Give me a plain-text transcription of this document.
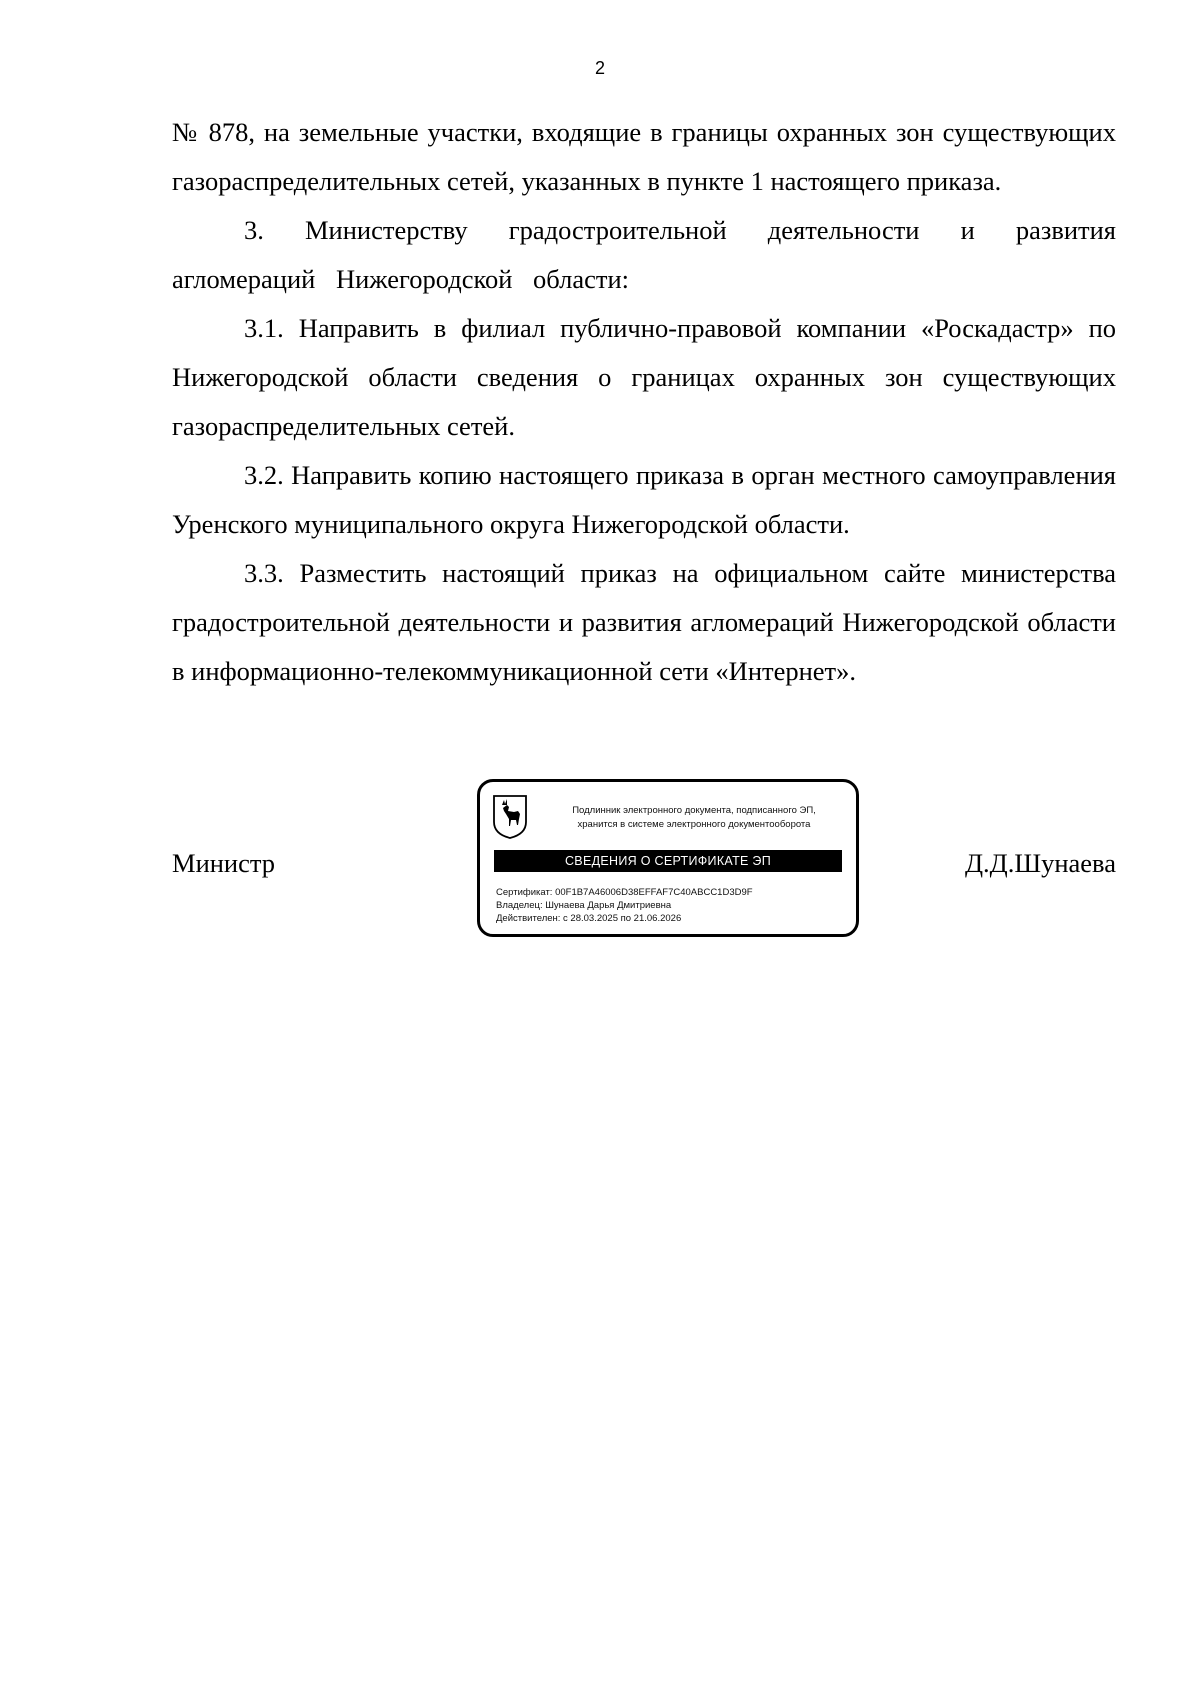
2

№ 878, на земельные участки, входящие в границы охранных зон существующих газораспределительных сетей, указанных в пункте 1 настоящего приказа.

3. Министерству градостроительной деятельности и развития агломераций Нижегородской области:

3.1. Направить в филиал публично-правовой компании «Роскадастр» по Нижегородской области сведения о границах охранных зон существующих газораспределительных сетей.

3.2. Направить копию настоящего приказа в орган местного самоуправления Уренского муниципального округа Нижегородской области.

3.3. Разместить настоящий приказ на официальном сайте министерства градостроительной деятельности и развития агломераций Нижегородской области в информационно-телекоммуникационной сети «Интернет».

Министр
Подлинник электронного документа, подписанного ЭП,
хранится в системе электронного документооборота
СВЕДЕНИЯ О СЕРТИФИКАТЕ ЭП
Сертификат: 00F1B7A46006D38EFFAF7C40ABCC1D3D9F
Владелец: Шунаева Дарья Дмитриевна
Действителен: с 28.03.2025 по 21.06.2026
Д.Д.Шунаева
